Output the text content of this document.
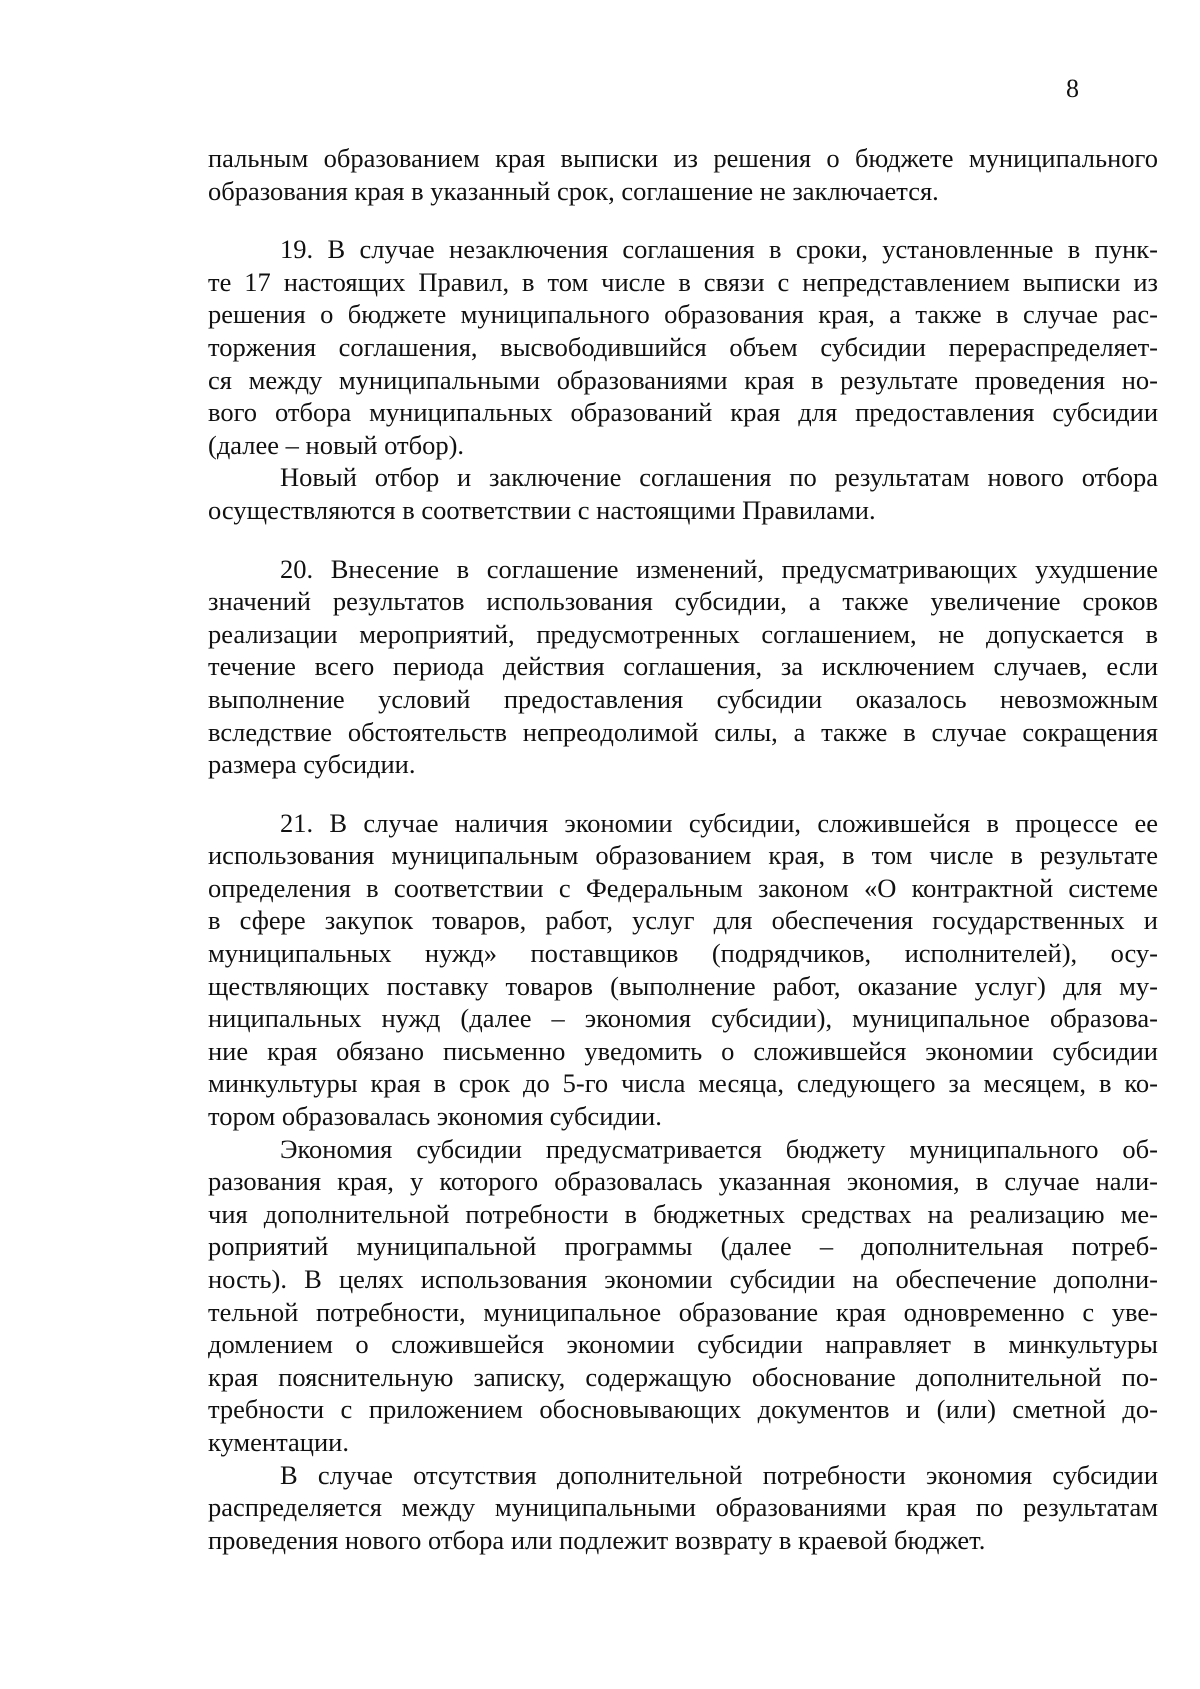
8

пальным образованием края выписки из решения о бюджете муниципального
образования края в указанный срок, соглашение не заключается.

19. В случае незаключения соглашения в сроки, установленные в пунк-
те 17 настоящих Правил, в том числе в связи с непредставлением выписки из
решения о бюджете муниципального образования края, а также в случае рас-
торжения соглашения, высвободившийся объем субсидии перераспределяет-
ся между муниципальными образованиями края в результате проведения но-
вого отбора муниципальных образований края для предоставления субсидии
(далее – новый отбор).

Новый отбор и заключение соглашения по результатам нового отбора
осуществляются в соответствии с настоящими Правилами.

20. Внесение в соглашение изменений, предусматривающих ухудшение
значений результатов использования субсидии, а также увеличение сроков
реализации мероприятий, предусмотренных соглашением, не допускается в
течение всего периода действия соглашения, за исключением случаев, если
выполнение условий предоставления субсидии оказалось невозможным
вследствие обстоятельств непреодолимой силы, а также в случае сокращения
размера субсидии.

21. В случае наличия экономии субсидии, сложившейся в процессе ее
использования муниципальным образованием края, в том числе в результате
определения в соответствии с Федеральным законом «О контрактной системе
в сфере закупок товаров, работ, услуг для обеспечения государственных и
муниципальных нужд» поставщиков (подрядчиков, исполнителей), осу-
ществляющих поставку товаров (выполнение работ, оказание услуг) для му-
ниципальных нужд (далее – экономия субсидии), муниципальное образова-
ние края обязано письменно уведомить о сложившейся экономии субсидии
минкультуры края в срок до 5-го числа месяца, следующего за месяцем, в ко-
тором образовалась экономия субсидии.

Экономия субсидии предусматривается бюджету муниципального об-
разования края, у которого образовалась указанная экономия, в случае нали-
чия дополнительной потребности в бюджетных средствах на реализацию ме-
роприятий муниципальной программы (далее – дополнительная потреб-
ность). В целях использования экономии субсидии на обеспечение дополни-
тельной потребности, муниципальное образование края одновременно с уве-
домлением о сложившейся экономии субсидии направляет в минкультуры
края пояснительную записку, содержащую обоснование дополнительной по-
требности с приложением обосновывающих документов и (или) сметной до-
кументации.

В случае отсутствия дополнительной потребности экономия субсидии
распределяется между муниципальными образованиями края по результатам
проведения нового отбора или подлежит возврату в краевой бюджет.
